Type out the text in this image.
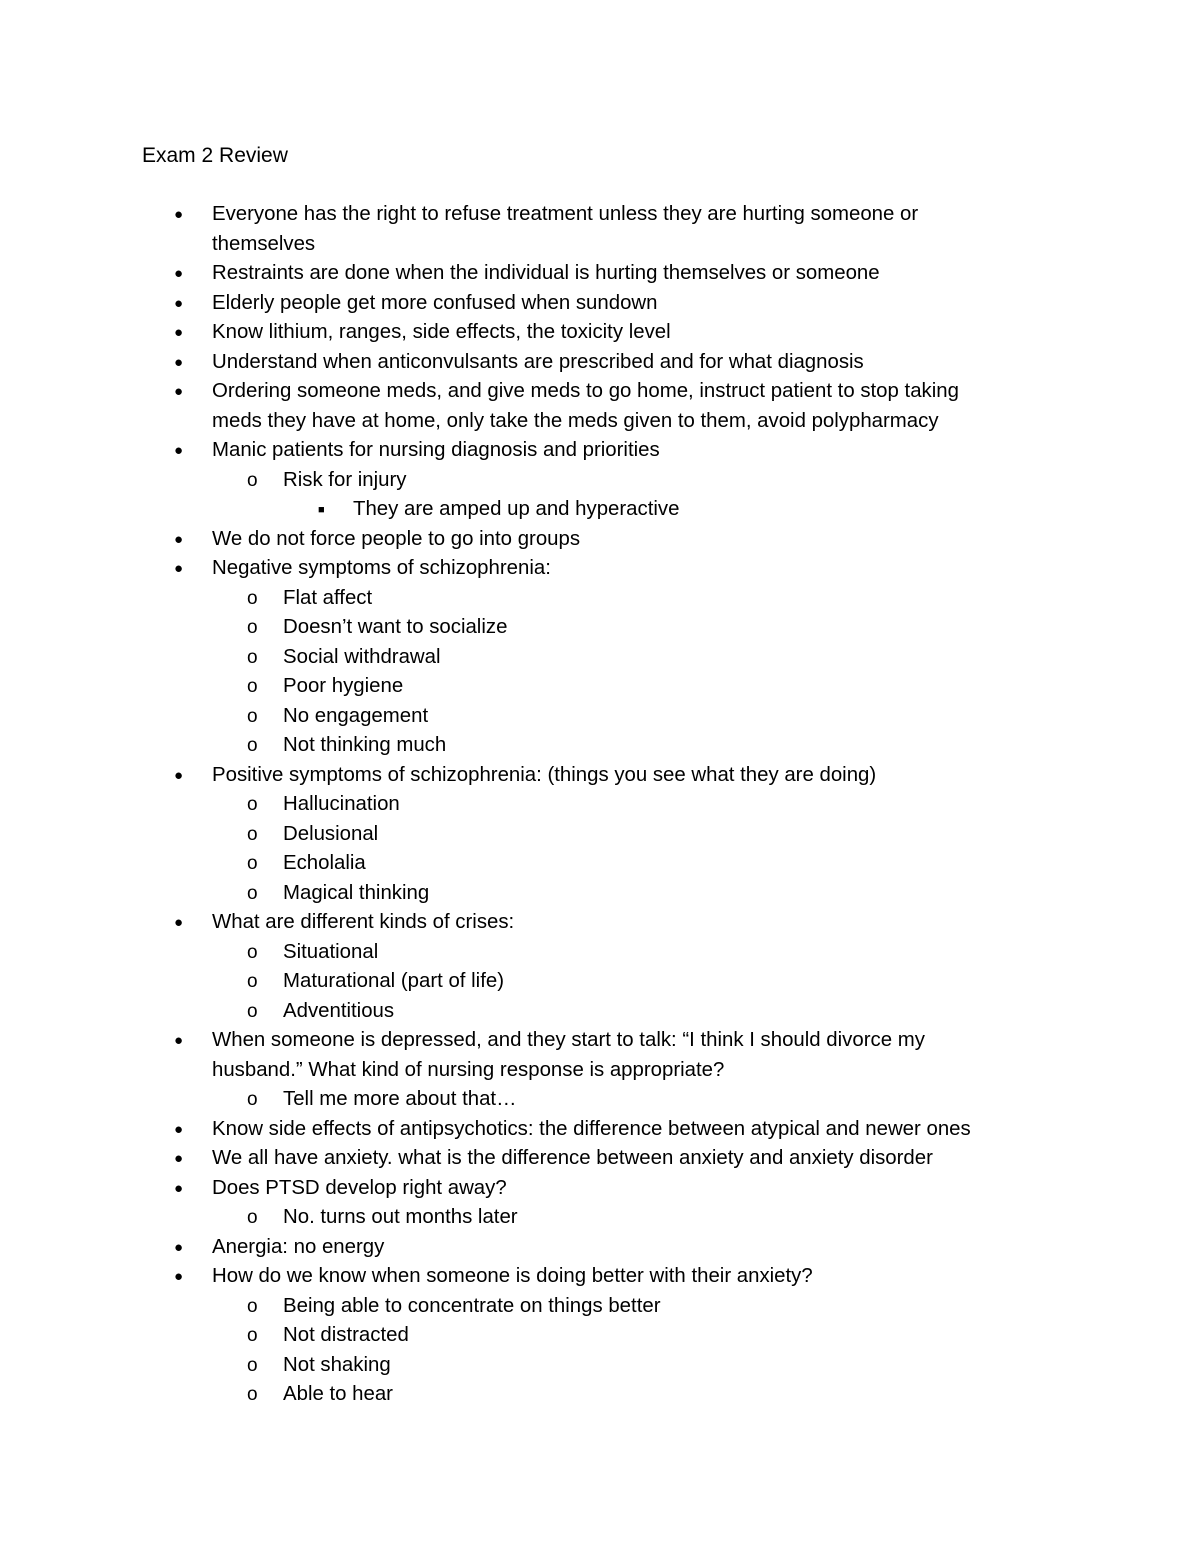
Exam 2 Review
● Everyone has the right to refuse treatment unless they are hurting someone or
themselves
● Restraints are done when the individual is hurting themselves or someone
● Elderly people get more confused when sundown
● Know lithium, ranges, side effects, the toxicity level
● Understand when anticonvulsants are prescribed and for what diagnosis
● Ordering someone meds, and give meds to go home, instruct patient to stop taking
meds they have at home, only take the meds given to them, avoid polypharmacy
● Manic patients for nursing diagnosis and priorities
o Risk for injury
■ They are amped up and hyperactive
● We do not force people to go into groups
● Negative symptoms of schizophrenia:
o Flat affect
o Doesn’t want to socialize
o Social withdrawal
o Poor hygiene
o No engagement
o Not thinking much
● Positive symptoms of schizophrenia: (things you see what they are doing)
o Hallucination
o Delusional
o Echolalia
o Magical thinking
● What are different kinds of crises:
o Situational
o Maturational (part of life)
o Adventitious
● When someone is depressed, and they start to talk: “I think I should divorce my
husband.” What kind of nursing response is appropriate?
o Tell me more about that…
● Know side effects of antipsychotics: the difference between atypical and newer ones
● We all have anxiety. what is the difference between anxiety and anxiety disorder
● Does PTSD develop right away?
o No. turns out months later
● Anergia: no energy
● How do we know when someone is doing better with their anxiety?
o Being able to concentrate on things better
o Not distracted
o Not shaking
o Able to hear
